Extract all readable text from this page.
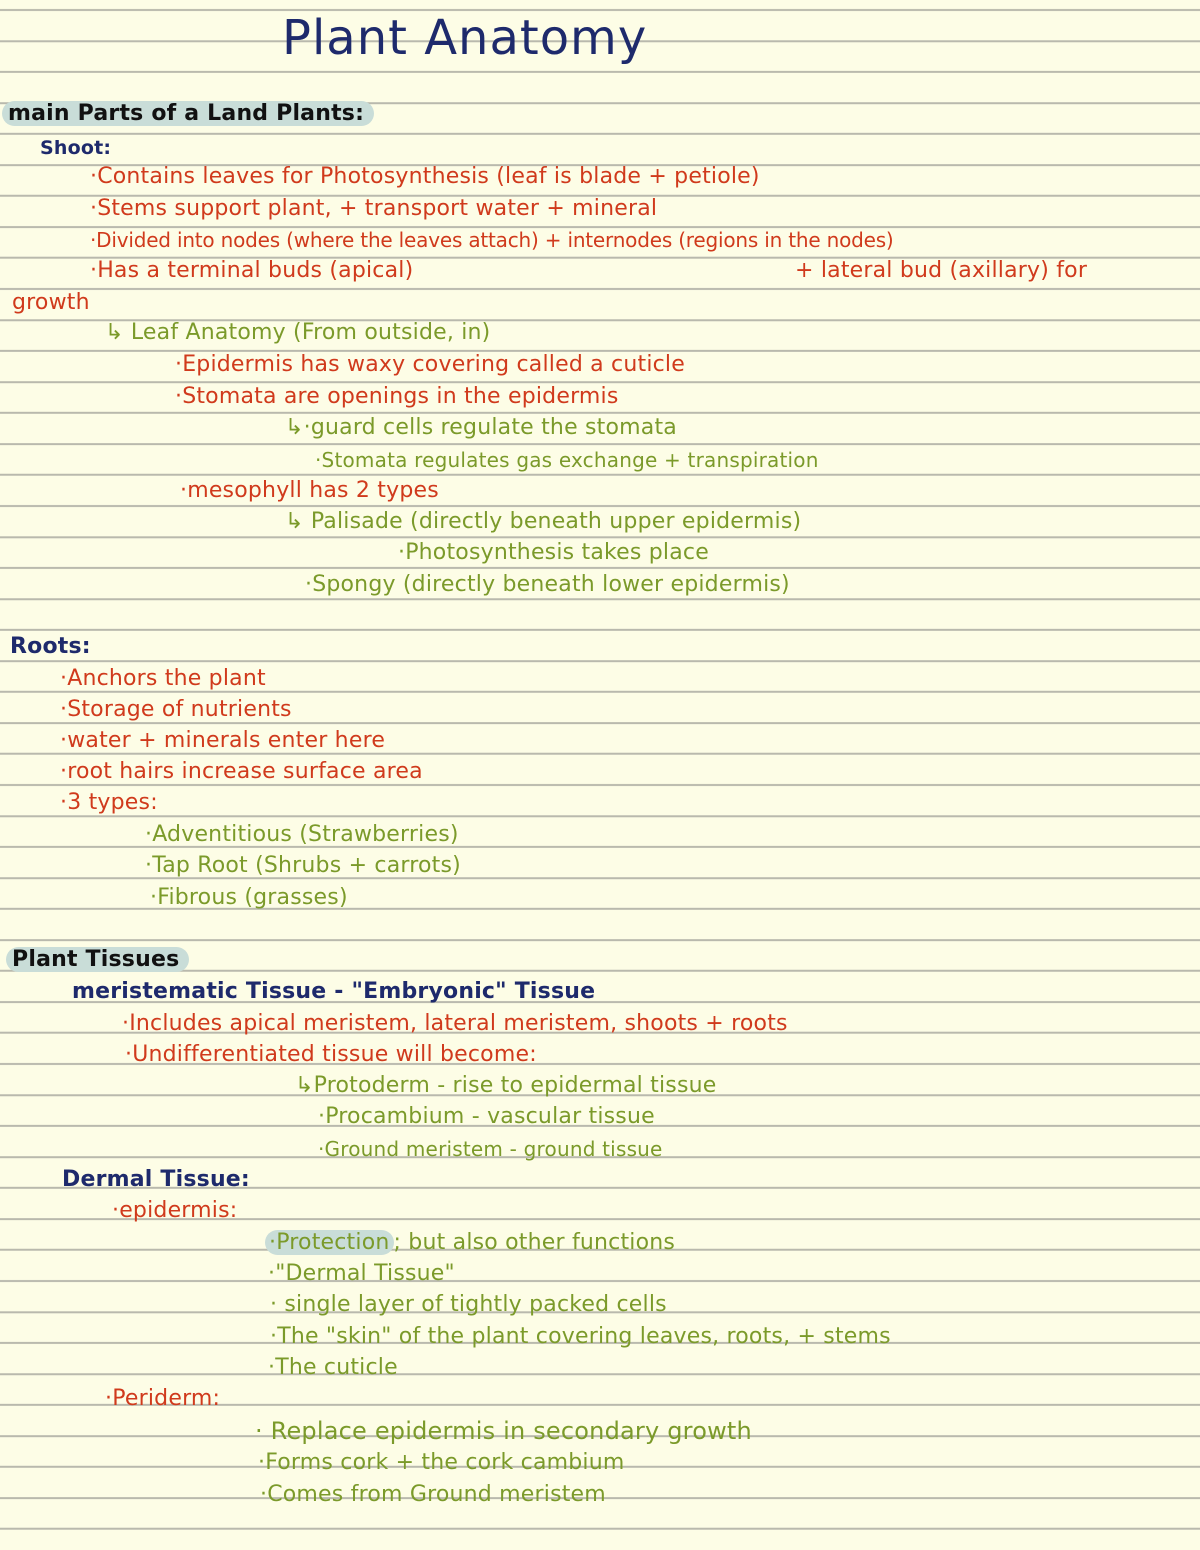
Plant Anatomy
main Parts of a Land Plants:
Shoot:
·Contains leaves for Photosynthesis (leaf is blade + petiole)
·Stems support plant, + transport water + mineral
·Divided into nodes (where the leaves attach) + internodes (regions in the nodes)
·Has a terminal buds (apical)	+ lateral bud (axillary) for
growth
↳ Leaf Anatomy (From outside, in)
·Epidermis has waxy covering called a cuticle
·Stomata are openings in the epidermis
↳·guard cells regulate the stomata
·Stomata regulates gas exchange + transpiration
·mesophyll has 2 types
↳ Palisade (directly beneath upper epidermis)
·Photosynthesis takes place
·Spongy (directly beneath lower epidermis)
Roots:
·Anchors the plant
·Storage of nutrients
·water + minerals enter here
·root hairs increase surface area
·3 types:
·Adventitious (Strawberries)
·Tap Root (Shrubs + carrots)
·Fibrous (grasses)
Plant Tissues
meristematic Tissue - "Embryonic" Tissue
·Includes apical meristem, lateral meristem, shoots + roots
·Undifferentiated tissue will become:
↳Protoderm - rise to epidermal tissue
·Procambium - vascular tissue
·Ground meristem - ground tissue
Dermal Tissue:
·epidermis:
·Protection ; but also other functions
·"Dermal Tissue"
· single layer of tightly packed cells
·The "skin" of the plant covering leaves, roots, + stems
·The cuticle
·Periderm:
· Replace epidermis in secondary growth
·Forms cork + the cork cambium
·Comes from Ground meristem
